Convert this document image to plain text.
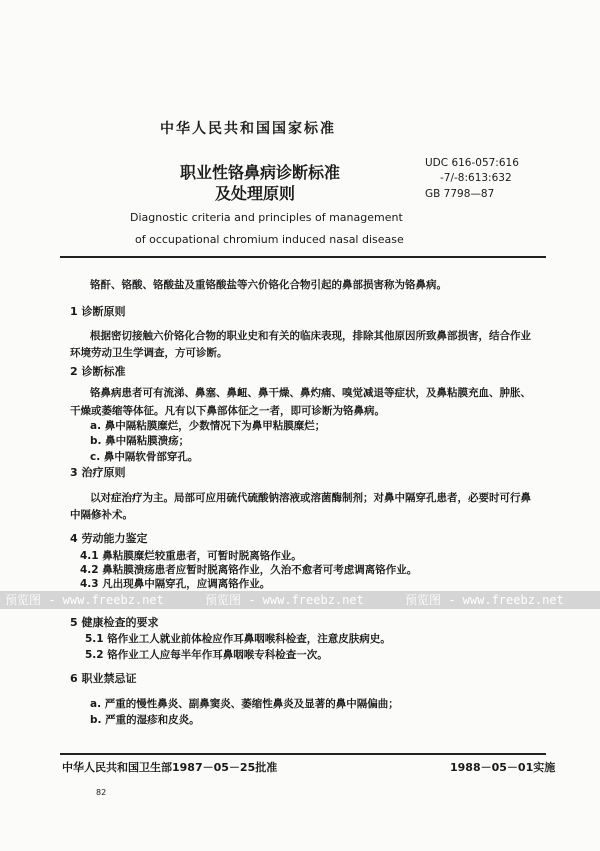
中华人民共和国国家标准
职业性铬鼻病诊断标准
及处理原则
UDC 616-057:616
-7/-8:613:632
GB 7798—87
Diagnostic criteria and principles of management
of occupational chromium induced nasal disease
铬酐、铬酸、铬酸盐及重铬酸盐等六价铬化合物引起的鼻部损害称为铬鼻病。
1 诊断原则
根据密切接触六价铬化合物的职业史和有关的临床表现，排除其他原因所致鼻部损害，结合作业
环境劳动卫生学调查，方可诊断。
2 诊断标准
铬鼻病患者可有流涕、鼻塞、鼻衄、鼻干燥、鼻灼痛、嗅觉减退等症状，及鼻粘膜充血、肿胀、
干燥或萎缩等体征。凡有以下鼻部体征之一者，即可诊断为铬鼻病。
a. 鼻中隔粘膜糜烂，少数情况下为鼻甲粘膜糜烂；
b. 鼻中隔粘膜溃疡；
c. 鼻中隔软骨部穿孔。
3 治疗原则
以对症治疗为主。局部可应用硫代硫酸钠溶液或溶菌酶制剂；对鼻中隔穿孔患者，必要时可行鼻
中隔修补术。
4 劳动能力鉴定
4.1 鼻粘膜糜烂较重患者，可暂时脱离铬作业。
4.2 鼻粘膜溃疡患者应暂时脱离铬作业，久治不愈者可考虑调离铬作业。
4.3 凡出现鼻中隔穿孔，应调离铬作业。
预览图 - www.freebz.net	预览图 - www.freebz.net	预览图 - www.freebz.net
5 健康检查的要求
5.1 铬作业工人就业前体检应作耳鼻咽喉科检查，注意皮肤病史。
5.2 铬作业工人应每半年作耳鼻咽喉专科检查一次。
6 职业禁忌证
a. 严重的慢性鼻炎、副鼻窦炎、萎缩性鼻炎及显著的鼻中隔偏曲；
b. 严重的湿疹和皮炎。
中华人民共和国卫生部1987－05－25批准	1988－05－01实施
82
